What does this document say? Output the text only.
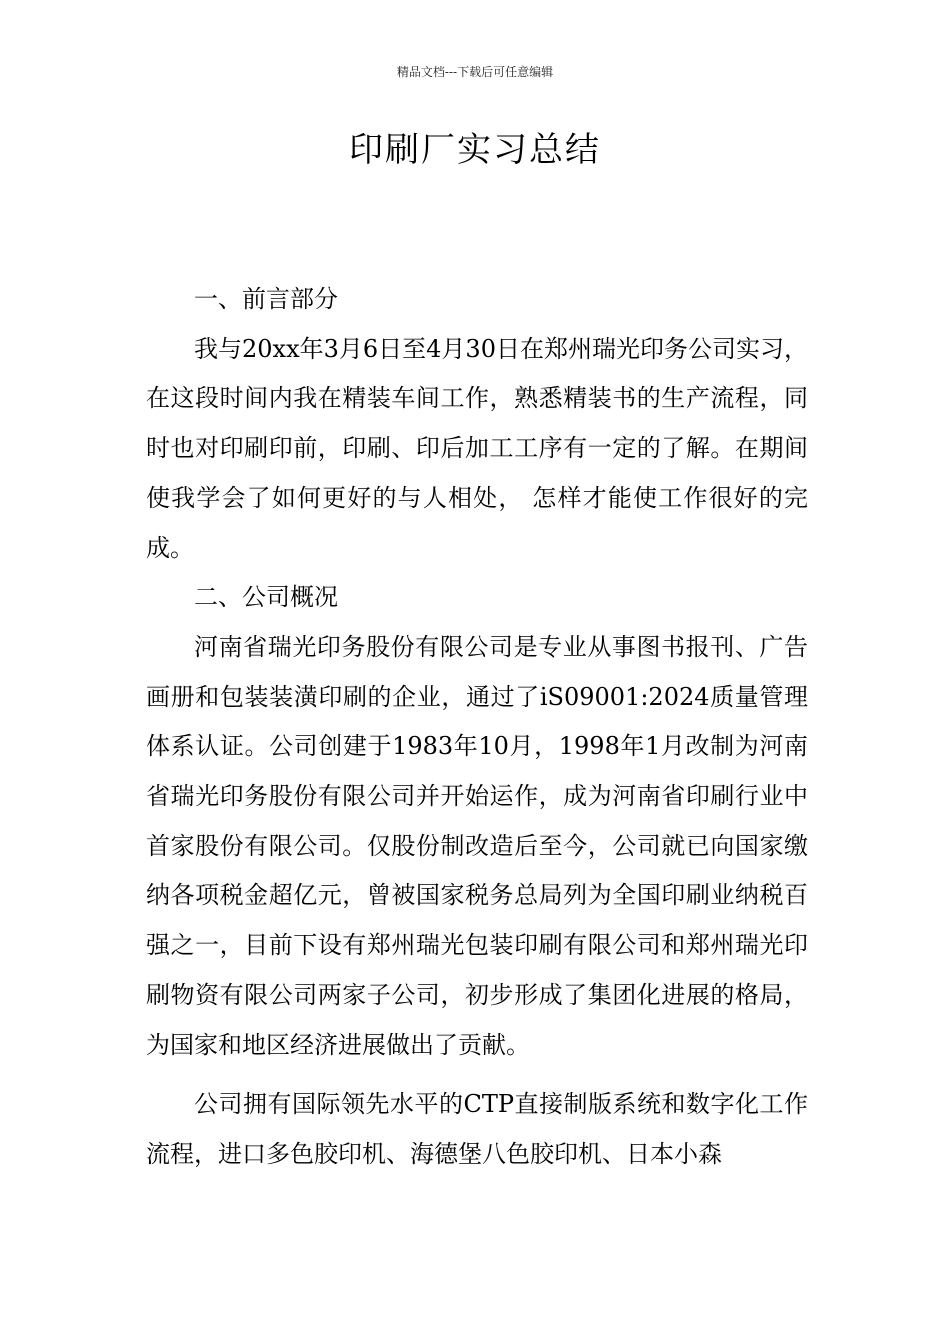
精品文档---下载后可任意编辑
印刷厂实习总结

一、前言部分

我与20xx年3月6日至4月30日在郑州瑞光印务公司实习，在这段时间内我在精装车间工作，熟悉精装书的生产流程，同时也对印刷印前，印刷、印后加工工序有一定的了解。在期间使我学会了如何更好的与人相处， 怎样才能使工作很好的完成。

二、公司概况

河南省瑞光印务股份有限公司是专业从事图书报刊、广告画册和包装装潢印刷的企业，通过了iS09001:2024质量管理体系认证。公司创建于1983年10月，1998年1月改制为河南省瑞光印务股份有限公司并开始运作，成为河南省印刷行业中首家股份有限公司。仅股份制改造后至今，公司就已向国家缴纳各项税金超亿元，曾被国家税务总局列为全国印刷业纳税百强之一，目前下设有郑州瑞光包装印刷有限公司和郑州瑞光印刷物资有限公司两家子公司，初步形成了集团化进展的格局，为国家和地区经济进展做出了贡献。

公司拥有国际领先水平的CTP直接制版系统和数字化工作流程，进口多色胶印机、海德堡八色胶印机、日本小森
